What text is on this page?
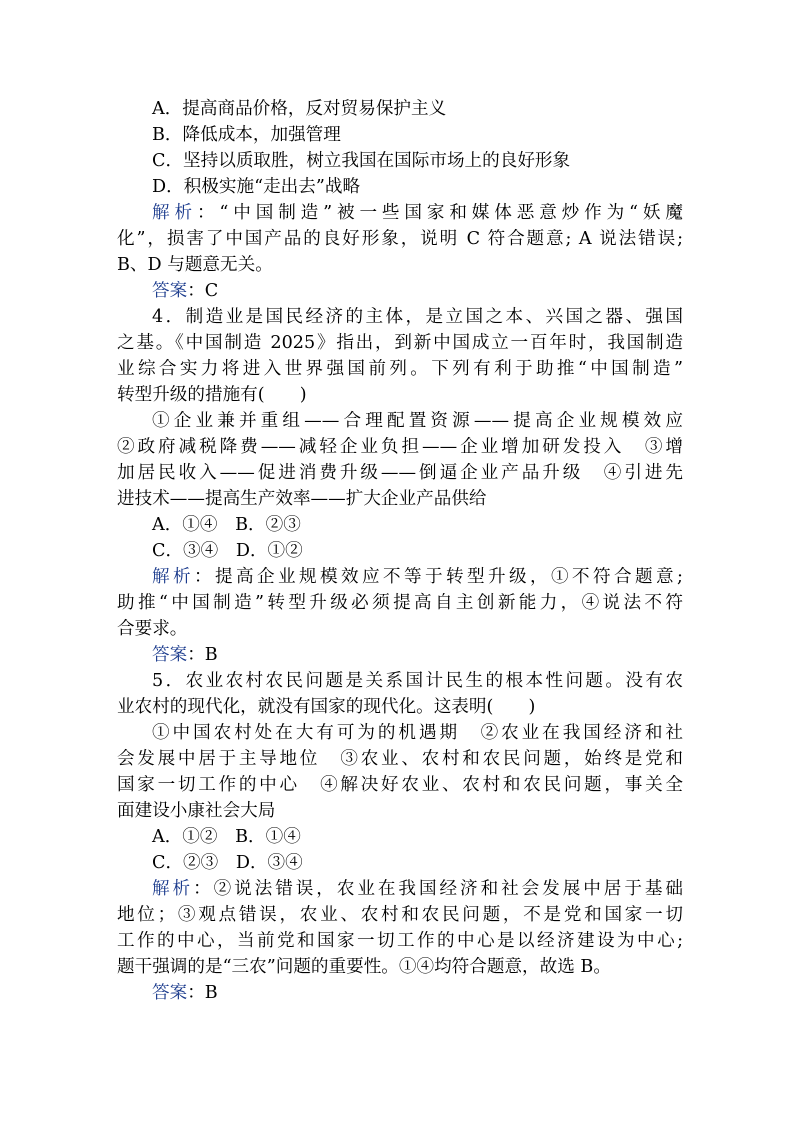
A．提高商品价格，反对贸易保护主义
B．降低成本，加强管理
C．坚持以质取胜，树立我国在国际市场上的良好形象
D．积极实施“走出去”战略
解析：“中国制造”被一些国家和媒体恶意炒作为“妖魔
化”，损害了中国产品的良好形象，说明 C 符合题意; A 说法错误;
B、D 与题意无关。
答案：C
4．制造业是国民经济的主体，是立国之本、兴国之器、强国
之基。《中国制造 2025》指出，到新中国成立一百年时，我国制造
业综合实力将进入世界强国前列。下列有利于助推“中国制造”
转型升级的措施有(　　)
①企业兼并重组——合理配置资源——提高企业规模效应
②政府减税降费——减轻企业负担——企业增加研发投入　③增
加居民收入——促进消费升级——倒逼企业产品升级　④引进先
进技术——提高生产效率——扩大企业产品供给
A．①④　B．②③
C．③④　D．①②
解析：提高企业规模效应不等于转型升级，①不符合题意;
助推“中国制造”转型升级必须提高自主创新能力，④说法不符
合要求。
答案：B
5．农业农村农民问题是关系国计民生的根本性问题。没有农
业农村的现代化，就没有国家的现代化。这表明(　　)
①中国农村处在大有可为的机遇期　②农业在我国经济和社
会发展中居于主导地位　③农业、农村和农民问题，始终是党和
国家一切工作的中心　④解决好农业、农村和农民问题，事关全
面建设小康社会大局
A．①②　B．①④
C．②③　D．③④
解析：②说法错误，农业在我国经济和社会发展中居于基础
地位；③观点错误，农业、农村和农民问题，不是党和国家一切
工作的中心，当前党和国家一切工作的中心是以经济建设为中心;
题干强调的是“三农”问题的重要性。①④均符合题意，故选 B。
答案：B
